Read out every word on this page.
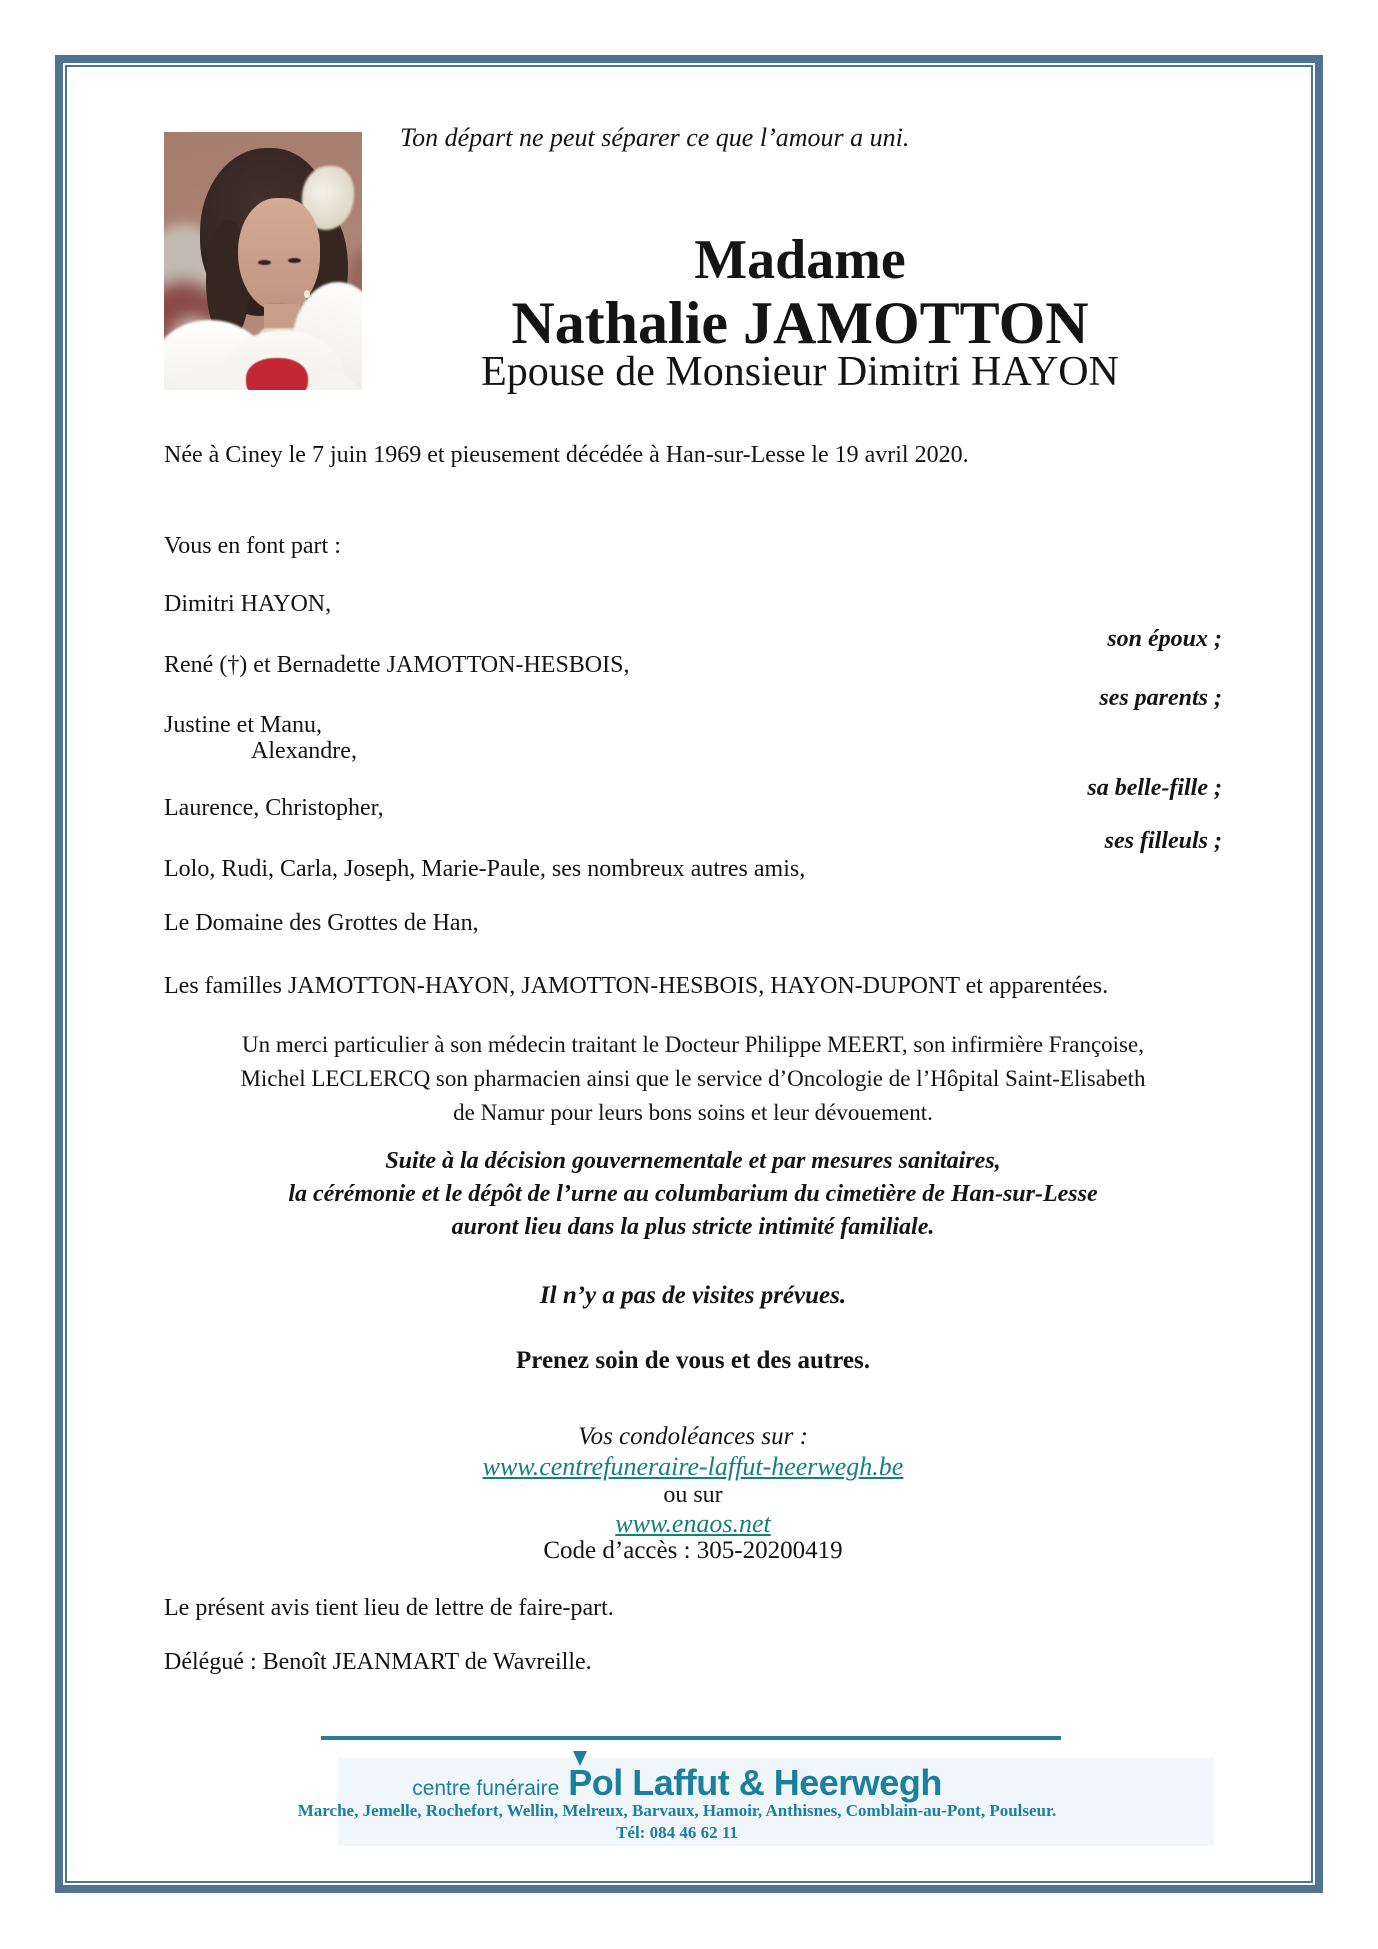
Ton départ ne peut séparer ce que l’amour a uni.
Madame
Nathalie JAMOTTON
Epouse de Monsieur Dimitri HAYON
Née à Ciney le 7 juin 1969 et pieusement décédée à Han-sur-Lesse le 19 avril 2020.
Vous en font part :
Dimitri HAYON,
son époux ;
René (†) et Bernadette JAMOTTON-HESBOIS,
ses parents ;
Justine et Manu,
Alexandre,
sa belle-fille ;
Laurence, Christopher,
ses filleuls ;
Lolo, Rudi, Carla, Joseph, Marie-Paule, ses nombreux autres amis,
Le Domaine des Grottes de Han,
Les familles JAMOTTON-HAYON, JAMOTTON-HESBOIS, HAYON-DUPONT et apparentées.
Un merci particulier à son médecin traitant le Docteur Philippe MEERT, son infirmière Françoise,
Michel LECLERCQ son pharmacien ainsi que le service d’Oncologie de l’Hôpital Saint-Elisabeth
de Namur pour leurs bons soins et leur dévouement.
Suite à la décision gouvernementale et par mesures sanitaires,
la cérémonie et le dépôt de l’urne au columbarium du cimetière de Han-sur-Lesse
auront lieu dans la plus stricte intimité familiale.
Il n’y a pas de visites prévues.
Prenez soin de vous et des autres.
Vos condoléances sur :
www.centrefuneraire-laffut-heerwegh.be
ou sur
www.enaos.net
Code d’accès : 305-20200419
Le présent avis tient lieu de lettre de faire-part.
Délégué : Benoît JEANMART de Wavreille.
centre funéraire Pol Laffut & Heerwegh
Marche, Jemelle, Rochefort, Wellin, Melreux, Barvaux, Hamoir, Anthisnes, Comblain-au-Pont, Poulseur.
Tél: 084 46 62 11
